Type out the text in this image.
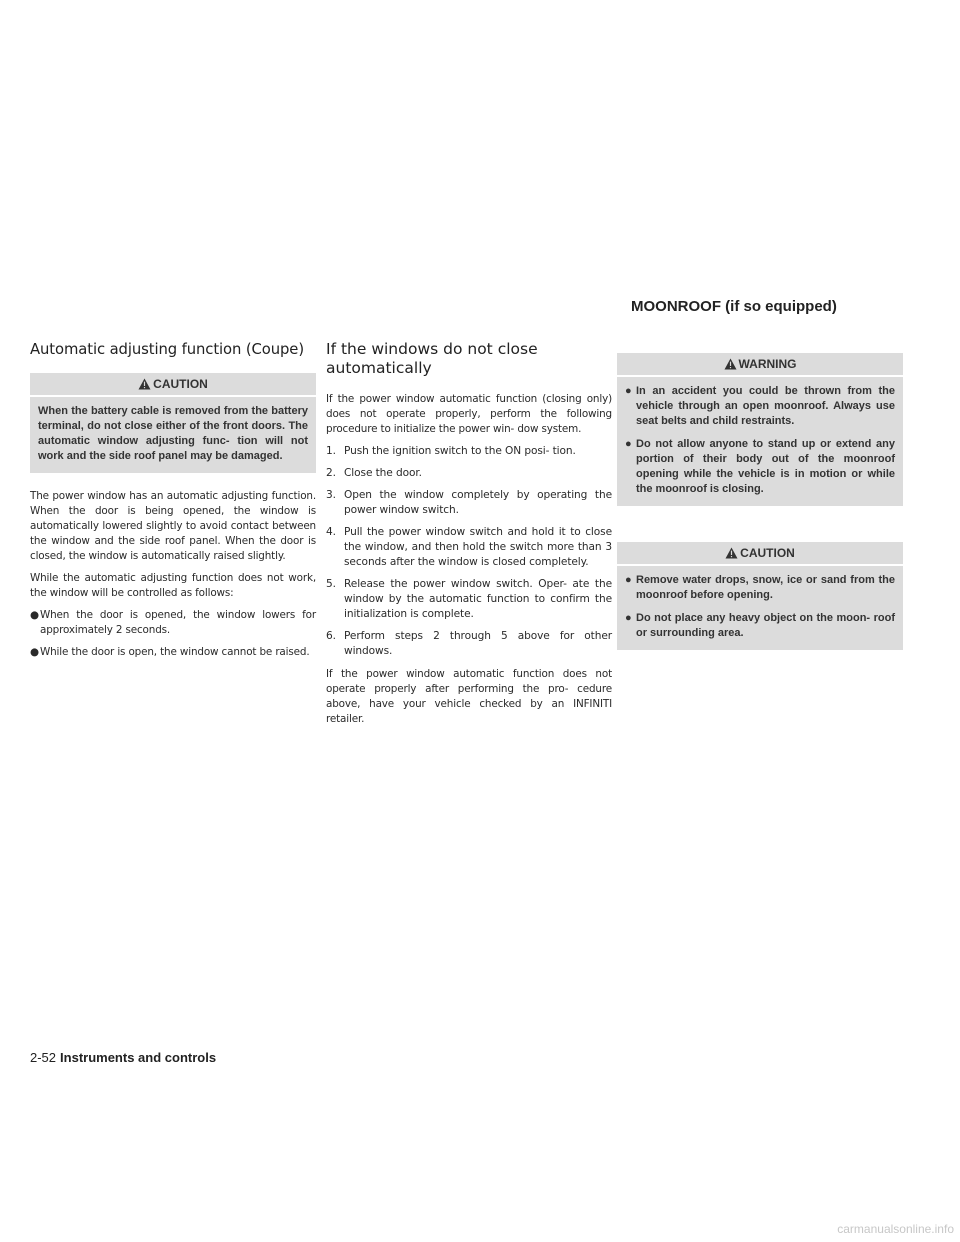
MOONROOF (if so equipped)
Automatic adjusting function (Coupe)
CAUTION

When the battery cable is removed from the battery terminal, do not close either of the front doors. The automatic window adjusting func- tion will not work and the side roof panel may be damaged.

The power window has an automatic adjusting function. When the door is being opened, the window is automatically lowered slightly to avoid contact between the window and the side roof panel. When the door is closed, the window is automatically raised slightly.

While the automatic adjusting function does not work, the window will be controlled as follows:

● When the door is opened, the window lowers for approximately 2 seconds.
● While the door is open, the window cannot be raised.
If the windows do not close automatically

If the power window automatic function (closing only) does not operate properly, perform the following procedure to initialize the power win- dow system.

1. Push the ignition switch to the ON posi- tion.
2. Close the door.
3. Open the window completely by operating the power window switch.
4. Pull the power window switch and hold it to close the window, and then hold the switch more than 3 seconds after the window is closed completely.
5. Release the power window switch. Oper- ate the window by the automatic function to confirm the initialization is complete.
6. Perform steps 2 through 5 above for other windows.

If the power window automatic function does not operate properly after performing the pro- cedure above, have your vehicle checked by an INFINITI retailer.

WARNING
● In an accident you could be thrown from the vehicle through an open moonroof. Always use seat belts and child restraints.
● Do not allow anyone to stand up or extend any portion of their body out of the moonroof opening while the vehicle is in motion or while the moonroof is closing.
CAUTION
● Remove water drops, snow, ice or sand from the moonroof before opening.
● Do not place any heavy object on the moon- roof or surrounding area.
2-52 Instruments and controls
carmanualsonline.info
